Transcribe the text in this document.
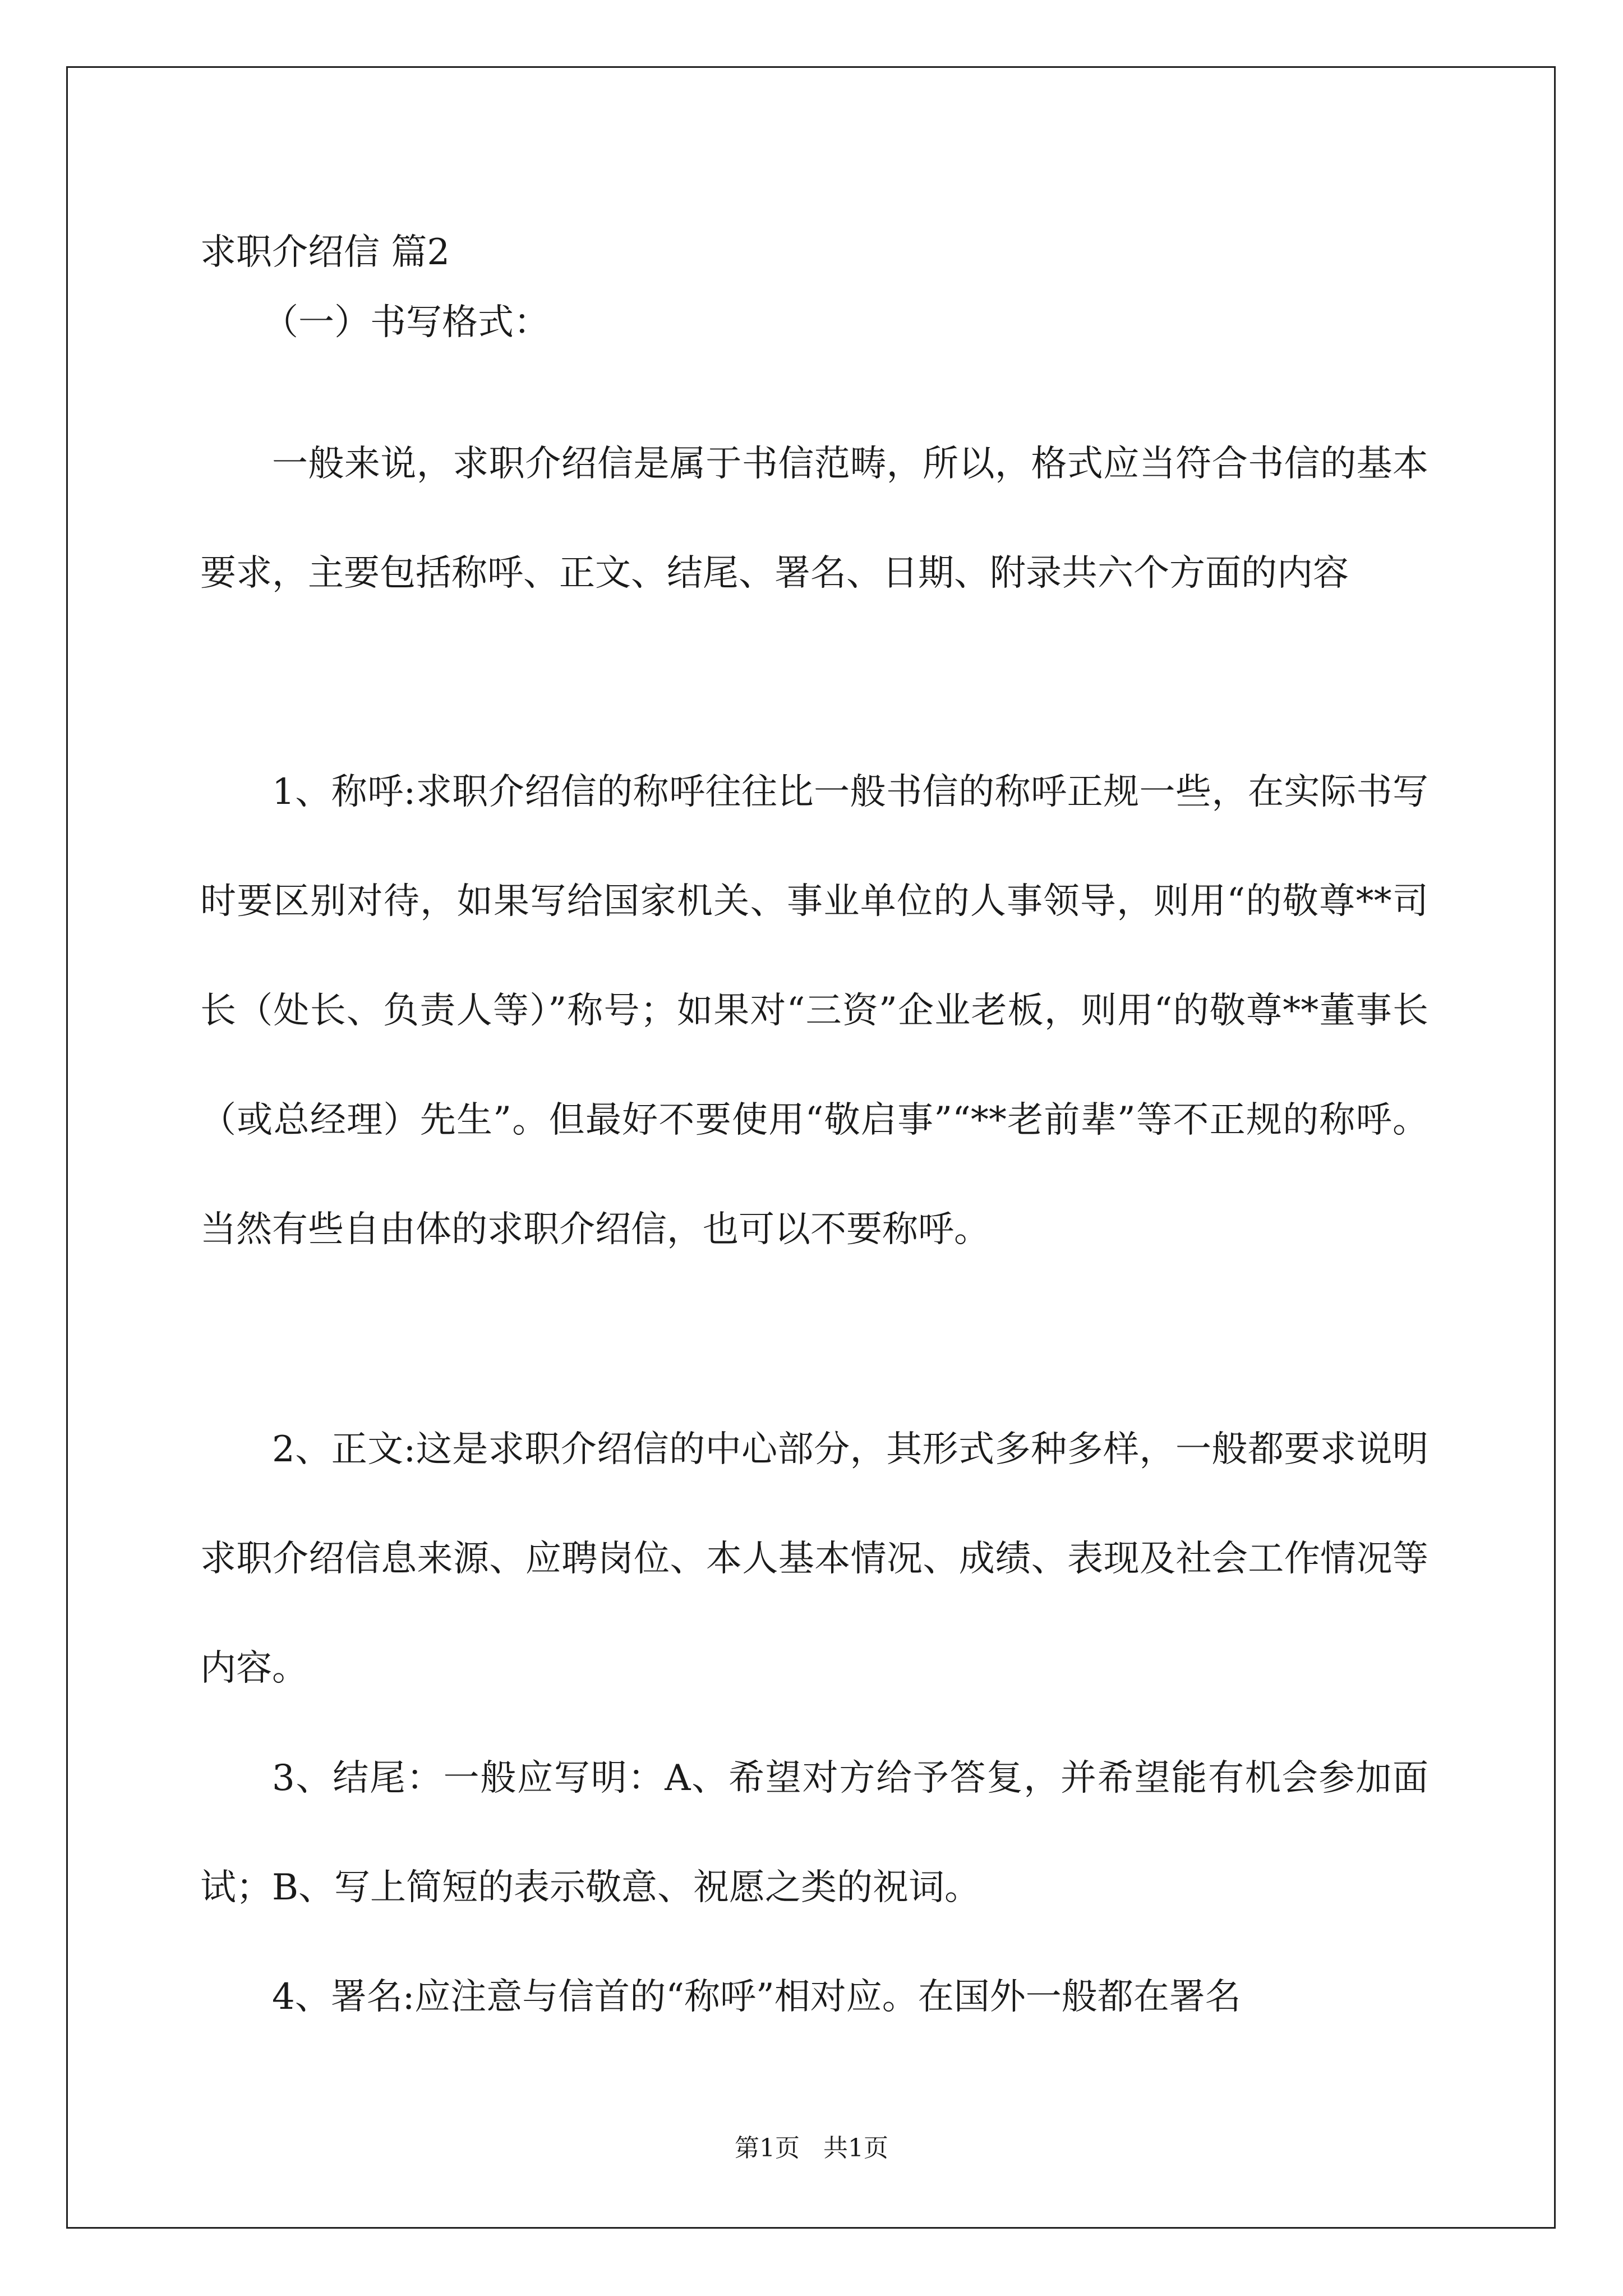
求职介绍信 篇2
（一）书写格式：

一般来说，求职介绍信是属于书信范畴，所以，格式应当符合书信的基本要求，主要包括称呼、正文、结尾、署名、日期、附录共六个方面的内容

1、称呼:求职介绍信的称呼往往比一般书信的称呼正规一些，在实际书写时要区别对待，如果写给国家机关、事业单位的人事领导，则用“的敬尊**司长（处长、负责人等）”称号；如果对“三资”企业老板，则用“的敬尊**董事长（或总经理）先生”。但最好不要使用“敬启事”“**老前辈”等不正规的称呼。当然有些自由体的求职介绍信，也可以不要称呼。

2、正文:这是求职介绍信的中心部分，其形式多种多样，一般都要求说明求职介绍信息来源、应聘岗位、本人基本情况、成绩、表现及社会工作情况等内容。

3、结尾：一般应写明：A、希望对方给予答复，并希望能有机会参加面试；B、写上简短的表示敬意、祝愿之类的祝词。

4、署名:应注意与信首的“称呼”相对应。在国外一般都在署名

第1页   共1页
